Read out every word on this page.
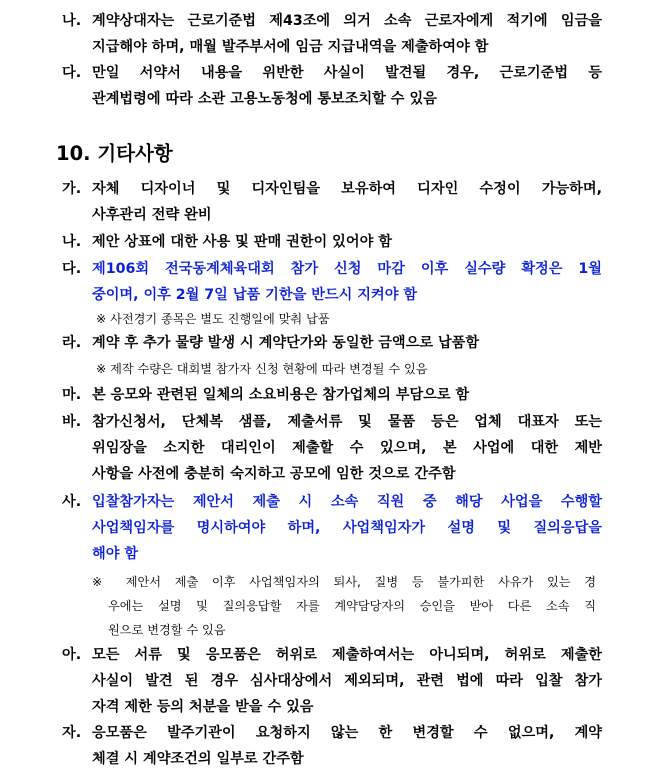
나. 계약상대자는 근로기준법 제43조에 의거 소속 근로자에게 적기에 임금을
지급해야 하며, 매월 발주부서에 임금 지급내역을 제출하여야 함
다. 만일 서약서 내용을 위반한 사실이 발견될 경우, 근로기준법 등
관계법령에 따라 소관 고용노동청에 통보조치할 수 있음
10. 기타사항
가. 자체 디자이너 및 디자인팀을 보유하여 디자인 수정이 가능하며,
사후관리 전략 완비
나. 제안 상표에 대한 사용 및 판매 권한이 있어야 함
다. 제106회 전국동계체육대회 참가 신청 마감 이후 실수량 확정은 1월
중이며, 이후 2월 7일 납품 기한을 반드시 지켜야 함
※ 사전경기 종목은 별도 진행일에 맞춰 납품
라. 계약 후 추가 물량 발생 시 계약단가와 동일한 금액으로 납품함
※ 제작 수량은 대회별 참가자 신청 현황에 따라 변경될 수 있음
마. 본 응모와 관련된 일체의 소요비용은 참가업체의 부담으로 함
바. 참가신청서, 단체복 샘플, 제출서류 및 물품 등은 업체 대표자 또는
위임장을 소지한 대리인이 제출할 수 있으며, 본 사업에 대한 제반
사항을 사전에 충분히 숙지하고 공모에 임한 것으로 간주함
사. 입찰참가자는 제안서 제출 시 소속 직원 중 해당 사업을 수행할
사업책임자를 명시하여야 하며, 사업책임자가 설명 및 질의응답을
해야 함
※ 제안서 제출 이후 사업책임자의 퇴사, 질병 등 불가피한 사유가 있는 경
우에는 설명 및 질의응답할 자를 계약담당자의 승인을 받아 다른 소속 직
원으로 변경할 수 있음
아. 모든 서류 및 응모품은 허위로 제출하여서는 아니되며, 허위로 제출한
사실이 발견 된 경우 심사대상에서 제외되며, 관련 법에 따라 입찰 참가
자격 제한 등의 처분을 받을 수 있음
자. 응모품은 발주기관이 요청하지 않는 한 변경할 수 없으며, 계약
체결 시 계약조건의 일부로 간주함
